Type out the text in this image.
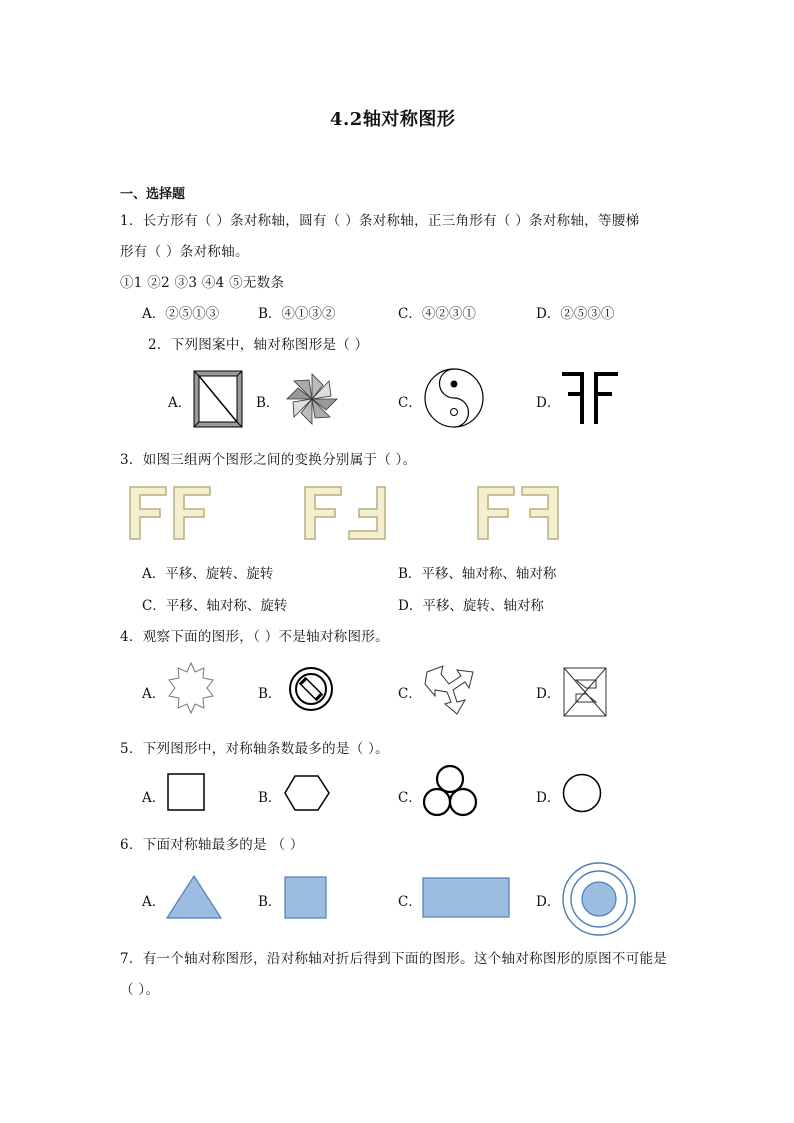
4.2轴对称图形
一、选择题
1．长方形有（ ）条对称轴，圆有（ ）条对称轴，正三角形有（ ）条对称轴，等腰梯
形有（ ）条对称轴。
①1 ②2 ③3 ④4 ⑤无数条
A．②⑤①③	B．④①③②	C．④②③①	D．②⑤③①
2．下列图案中，轴对称图形是（ ）
A．	B．	C．	D．
3．如图三组两个图形之间的变换分别属于（ ）。
A．平移、旋转、旋转	B．平移、轴对称、轴对称
C．平移、轴对称、旋转	D．平移、旋转、轴对称
4．观察下面的图形，（ ）不是轴对称图形。
A．	B．	C．	D．
5．下列图形中，对称轴条数最多的是（ ）。
A．	B．	C．	D．
6．下面对称轴最多的是 （ ）
A．	B．	C．	D．
7．有一个轴对称图形，沿对称轴对折后得到下面的图形。这个轴对称图形的原图不可能是
（ ）。
